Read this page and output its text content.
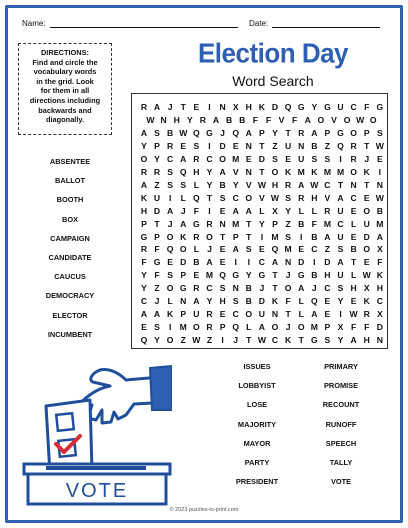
Name:	Date:
DIRECTIONS:
Find and circle the
vocabulary words
in the grid. Look
for them in all
directions including
backwards and
diagonally.
Election Day
Word Search
R A J T E	I	N X H K D Q G Y G U C F G
W N H Y R A B B F F V F A O V O W O
A S B W Q G J Q A P Y T R A P G O P S
Y P R E S	I	D E N T Z U N B Z Q R T W
O Y C A R C O M E D S E U S S	I	R J E
R R S Q H Y A V N T O K M K M M O K	I
A Z S S L Y B Y V W H R A W C T N T N
K U	I	L Q T S C O V W S R H V A C E W
H D A J F	I	E A A L X Y L L R U E O B
P T J A G R N M T Y P Z B F M C L U M
G P O K R O T P T	I M S	I	B A U E D A
R F Q O L J E A S E Q M E C Z S B O X
F G E D B A E	I	I	C A N D	I	D A T E F
Y F S P E M Q G Y G T J G B H U L W K
Y Z O G R C S N B J T O A J C S H X H
C J L N A Y H S B D K F L Q E Y E K C
A A K P U R E C O U N T L A E	I W R X
E S	I M O R P Q L A O J O M P X F F D
Q Y O Z W Z	I	J T W C K T G S Y A H N
ABSENTEE
BALLOT
BOOTH
BOX
CAMPAIGN
CANDIDATE
CAUCUS
DEMOCRACY
ELECTOR
INCUMBENT
ISSUES
LOBBYIST
LOSE
MAJORITY
MAYOR
PARTY
PRESIDENT
PRIMARY
PROMISE
RECOUNT
RUNOFF
SPEECH
TALLY
VOTE
VOTE
© 2023 puzzles-to-print.com
